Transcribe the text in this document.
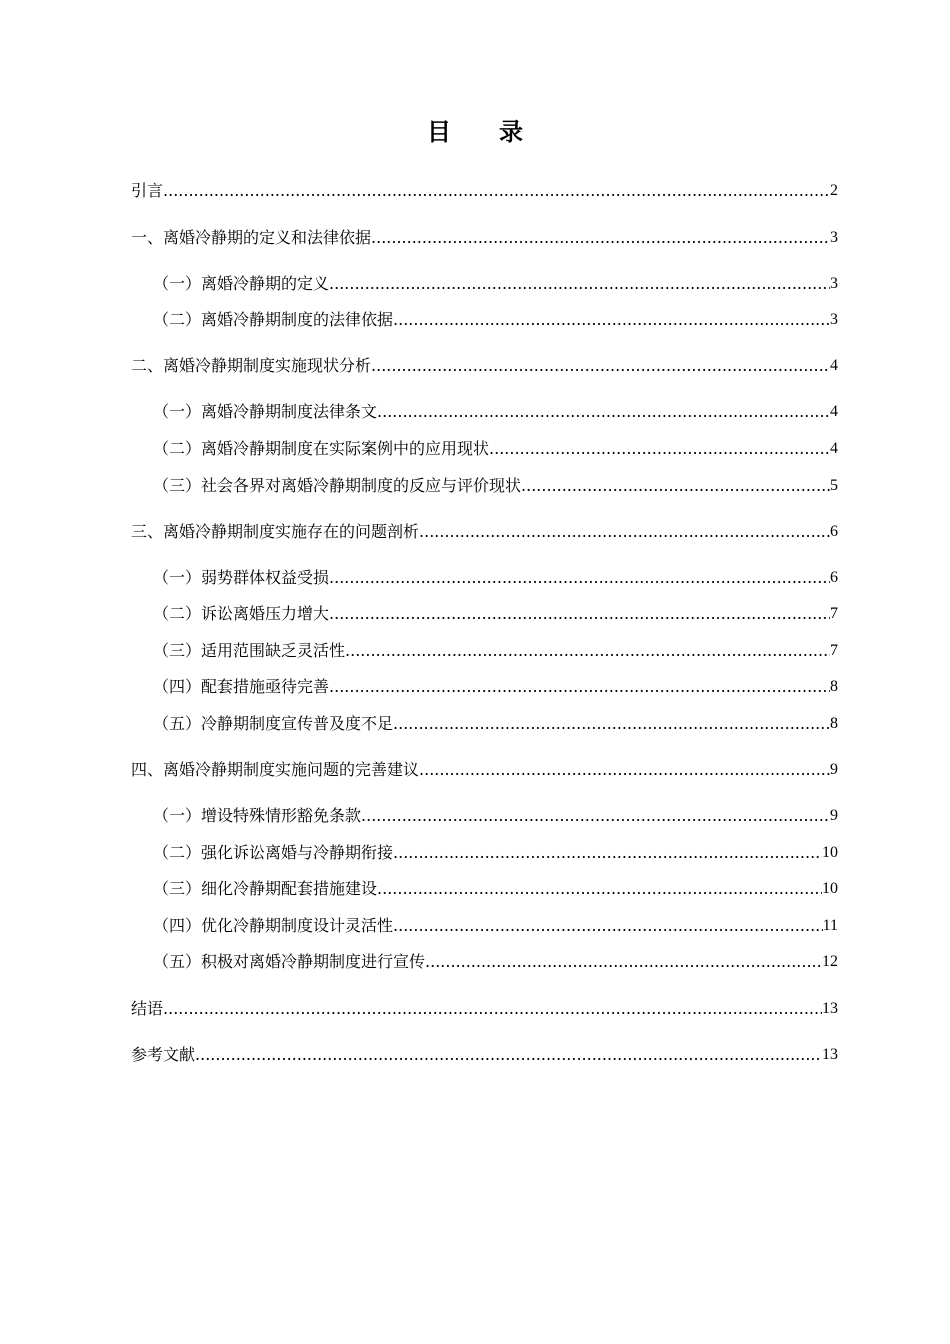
目录
引言 .....	2
一、离婚冷静期的定义和法律依据 .....	3
（一）离婚冷静期的定义 .....	3
（二）离婚冷静期制度的法律依据 .....	3
二、离婚冷静期制度实施现状分析 .....	4
（一）离婚冷静期制度法律条文 .....	4
（二）离婚冷静期制度在实际案例中的应用现状 .....	4
（三）社会各界对离婚冷静期制度的反应与评价现状 .....	5
三、离婚冷静期制度实施存在的问题剖析 .....	6
（一）弱势群体权益受损 .....	6
（二）诉讼离婚压力增大 .....	7
（三）适用范围缺乏灵活性 .....	7
（四）配套措施亟待完善 .....	8
（五）冷静期制度宣传普及度不足 .....	8
四、离婚冷静期制度实施问题的完善建议 .....	9
（一）增设特殊情形豁免条款 .....	9
（二）强化诉讼离婚与冷静期衔接 .....	10
（三）细化冷静期配套措施建设 .....	10
（四）优化冷静期制度设计灵活性 .....	11
（五）积极对离婚冷静期制度进行宣传 .....	12
结语 .....	13
参考文献 .....	13
